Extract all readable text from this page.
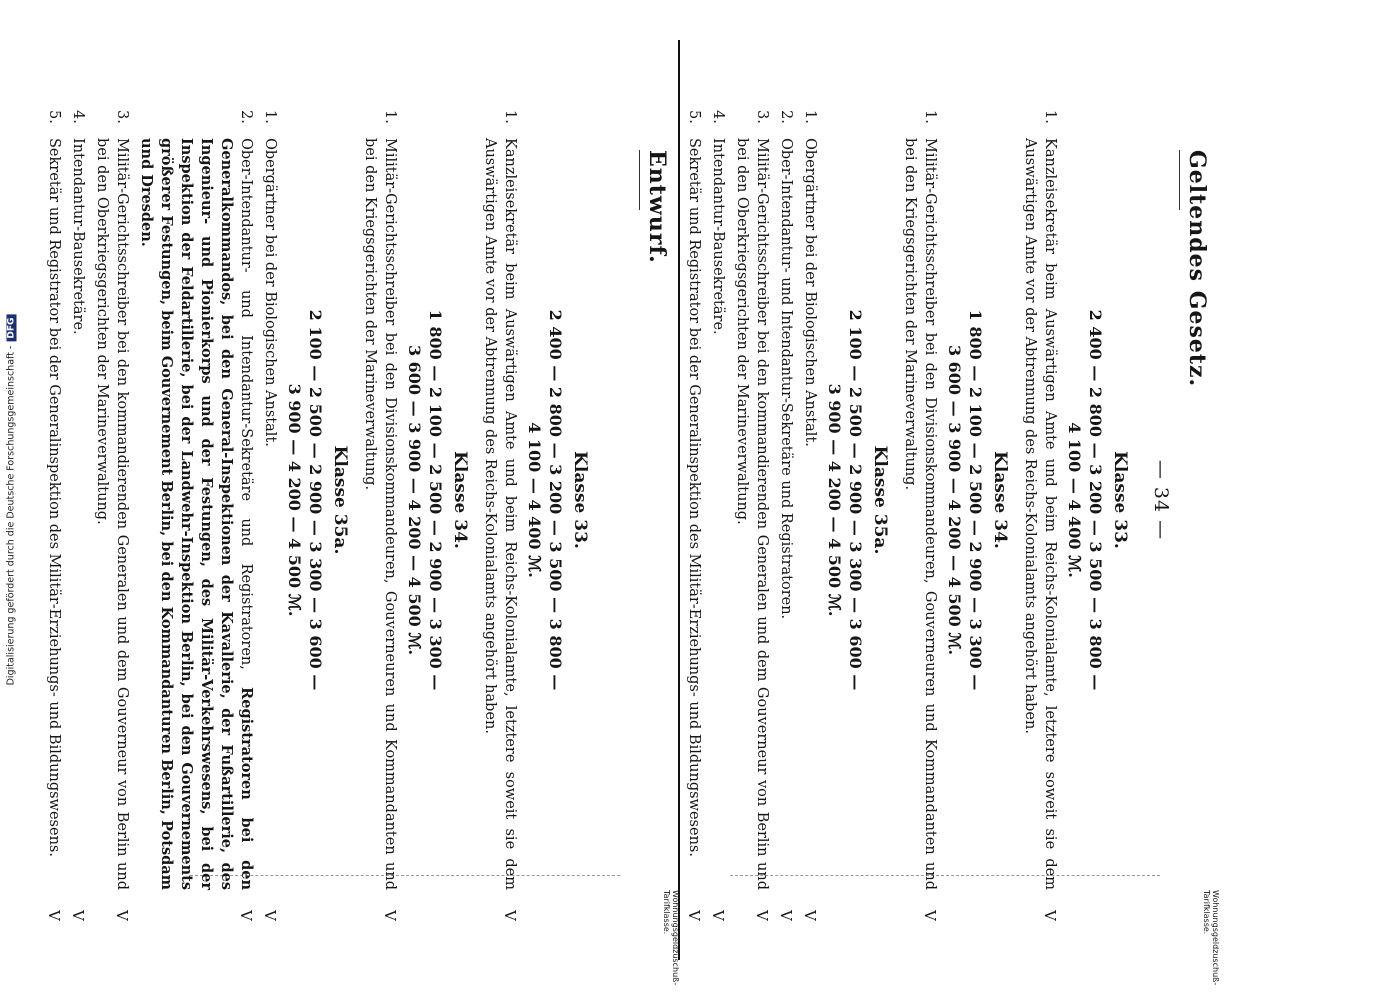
Digitalisierung gefördert durch die Deutsche Forschungsgemeinschaft -DFG
— 34 —
Geltendes Gesetz.
Wohnungsgeldzuschuß-Tarifklasse.
Klasse 33.
2 400 — 2 800 — 3 200 — 3 500 — 3 800 —
4 100 — 4 400 ℳ.
1.
Kanzleisekretär beim Auswärtigen Amte und beim Reichs-Kolonialamte, letztere soweit sie dem Auswärtigen Amte vor der Abtrennung des Reichs-Kolonialamts angehört haben.
V
Klasse 34.
1 800 — 2 100 — 2 500 — 2 900 — 3 300 —
3 600 — 3 900 — 4 200 — 4 500 ℳ.
1.
Militär-Gerichtsschreiber bei den Divisionskommandeuren, Gouverneuren und Kommandanten und bei den Kriegsgerichten der Marineverwaltung.
V
Klasse 35a.
2 100 — 2 500 — 2 900 — 3 300 — 3 600 —
3 900 — 4 200 — 4 500 ℳ.
1.
Obergärtner bei der Biologischen Anstalt.
V
2.
Ober-Intendantur- und Intendantur-Sekretäre und Registratoren.
V
3.
Militär-Gerichtsschreiber bei den kommandierenden Generalen und dem Gouverneur von Berlin und bei den Oberkriegsgerichten der Marineverwaltung.
V
4.
Intendantur-Bausekretäre.
V
5.
Sekretär und Registrator bei der Generalinspektion des Militär-Erziehungs- und Bildungswesens.
V
Entwurf.
Wohnungsgeldzuschuß-Tarifklasse.
Klasse 33.
2 400 — 2 800 — 3 200 — 3 500 — 3 800 —
4 100 — 4 400 ℳ.
1.
Kanzleisekretär beim Auswärtigen Amte und beim Reichs-Kolonialamte, letztere soweit sie dem Auswärtigen Amte vor der Abtrennung des Reichs-Kolonialamts angehört haben.
V
Klasse 34.
1 800 — 2 100 — 2 500 — 2 900 — 3 300 —
3 600 — 3 900 — 4 200 — 4 500 ℳ.
1.
Militär-Gerichtsschreiber bei den Divisionskommandeuren, Gouverneuren und Kommandanten und bei den Kriegsgerichten der Marineverwaltung.
V
Klasse 35a.
2 100 — 2 500 — 2 900 — 3 300 — 3 600 —
3 900 — 4 200 — 4 500 ℳ.
1.
Obergärtner bei der Biologischen Anstalt.
V
2.
Ober-Intendantur- und Intendantur-Sekretäre und Registratoren, Registratoren bei den Generalkommandos, bei den General-Inspektionen der Kavallerie, der Fußartillerie, des Ingenieur- und Pionierkorps und der Festungen, des Militär-Verkehrswesens, bei der Inspektion der Feldartillerie, bei der Landwehr-Inspektion Berlin, bei den Gouvernements größerer Festungen, beim Gouvernement Berlin, bei den Kommandanturen Berlin, Potsdam und Dresden.
V
3.
Militär-Gerichtsschreiber bei den kommandierenden Generalen und dem Gouverneur von Berlin und bei den Oberkriegsgerichten der Marineverwaltung.
V
4.
Intendantur-Bausekretäre.
V
5.
Sekretär und Registrator bei der Generalinspektion des Militär-Erziehungs- und Bildungswesens.
V
